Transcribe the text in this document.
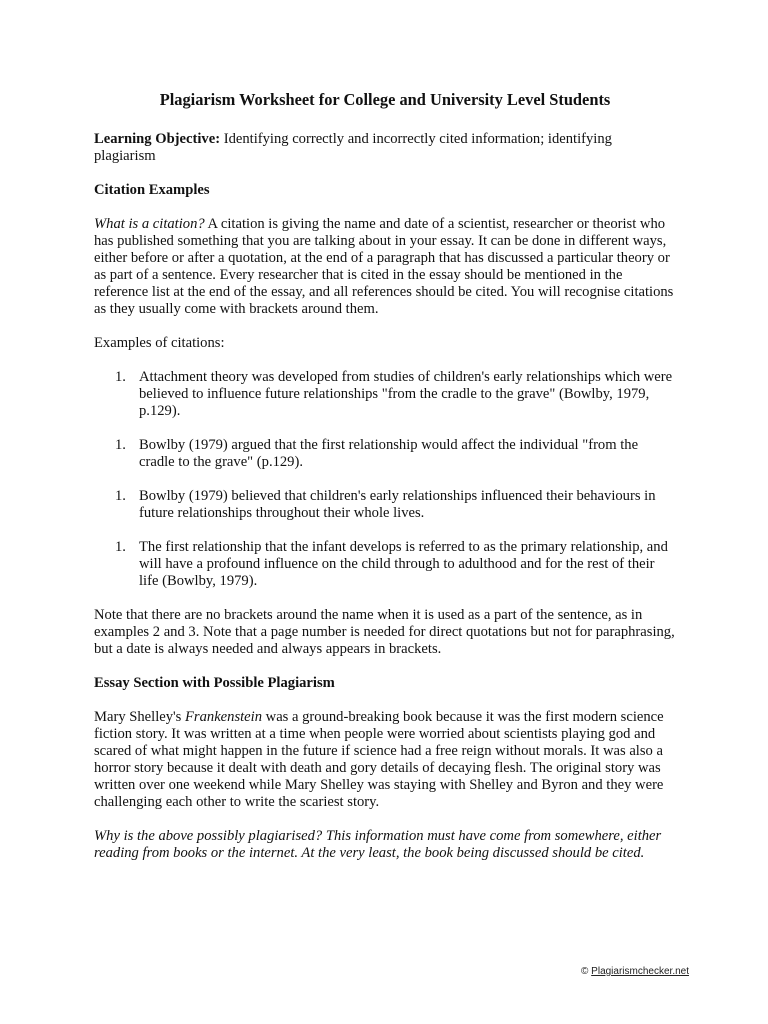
Plagiarism Worksheet for College and University Level Students

Learning Objective: Identifying correctly and incorrectly cited information; identifying plagiarism

Citation Examples

What is a citation? A citation is giving the name and date of a scientist, researcher or theorist who has published something that you are talking about in your essay. It can be done in different ways, either before or after a quotation, at the end of a paragraph that has discussed a particular theory or as part of a sentence. Every researcher that is cited in the essay should be mentioned in the reference list at the end of the essay, and all references should be cited. You will recognise citations as they usually come with brackets around them.

Examples of citations:

1. Attachment theory was developed from studies of children's early relationships which were believed to influence future relationships "from the cradle to the grave" (Bowlby, 1979, p.129).
1. Bowlby (1979) argued that the first relationship would affect the individual "from the cradle to the grave" (p.129).
1. Bowlby (1979) believed that children's early relationships influenced their behaviours in future relationships throughout their whole lives.
1. The first relationship that the infant develops is referred to as the primary relationship, and will have a profound influence on the child through to adulthood and for the rest of their life (Bowlby, 1979).

Note that there are no brackets around the name when it is used as a part of the sentence, as in examples 2 and 3. Note that a page number is needed for direct quotations but not for paraphrasing, but a date is always needed and always appears in brackets.

Essay Section with Possible Plagiarism

Mary Shelley's Frankenstein was a ground-breaking book because it was the first modern science fiction story. It was written at a time when people were worried about scientists playing god and scared of what might happen in the future if science had a free reign without morals. It was also a horror story because it dealt with death and gory details of decaying flesh. The original story was written over one weekend while Mary Shelley was staying with Shelley and Byron and they were challenging each other to write the scariest story.

Why is the above possibly plagiarised? This information must have come from somewhere, either reading from books or the internet. At the very least, the book being discussed should be cited.

© Plagiarismchecker.net
